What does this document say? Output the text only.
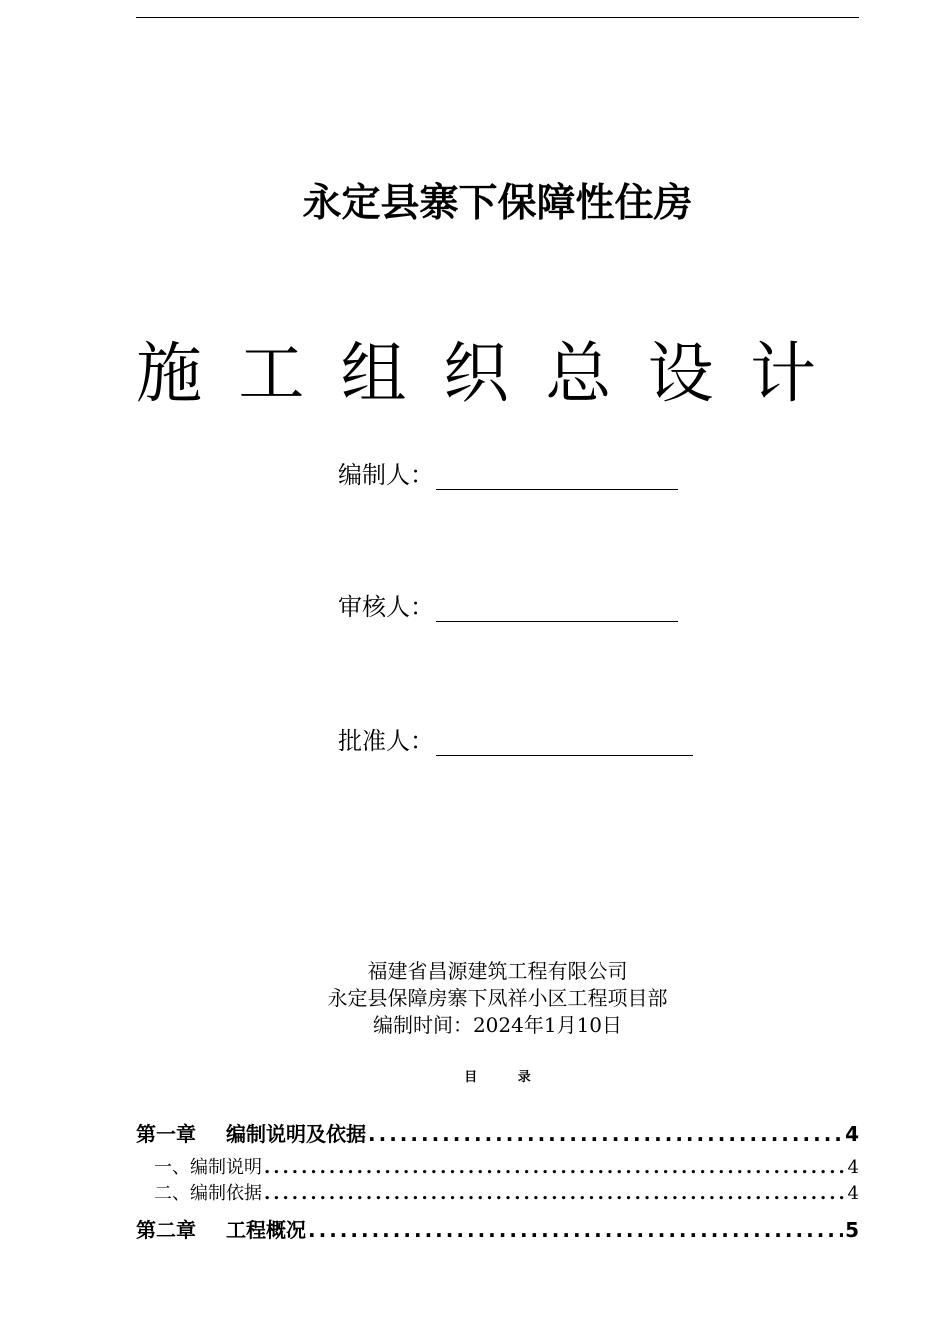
永定县寨下保障性住房
施 工 组 织 总 设 计
编制人：
审核人：
批准人：
福建省昌源建筑工程有限公司
永定县保障房寨下凤祥小区工程项目部
编制时间：2024年1月10日
目	录
第一章	编制说明及依据 .....	4
一、编制说明 .....	4
二、编制依据 .....	4
第二章	工程概况 .....	5
